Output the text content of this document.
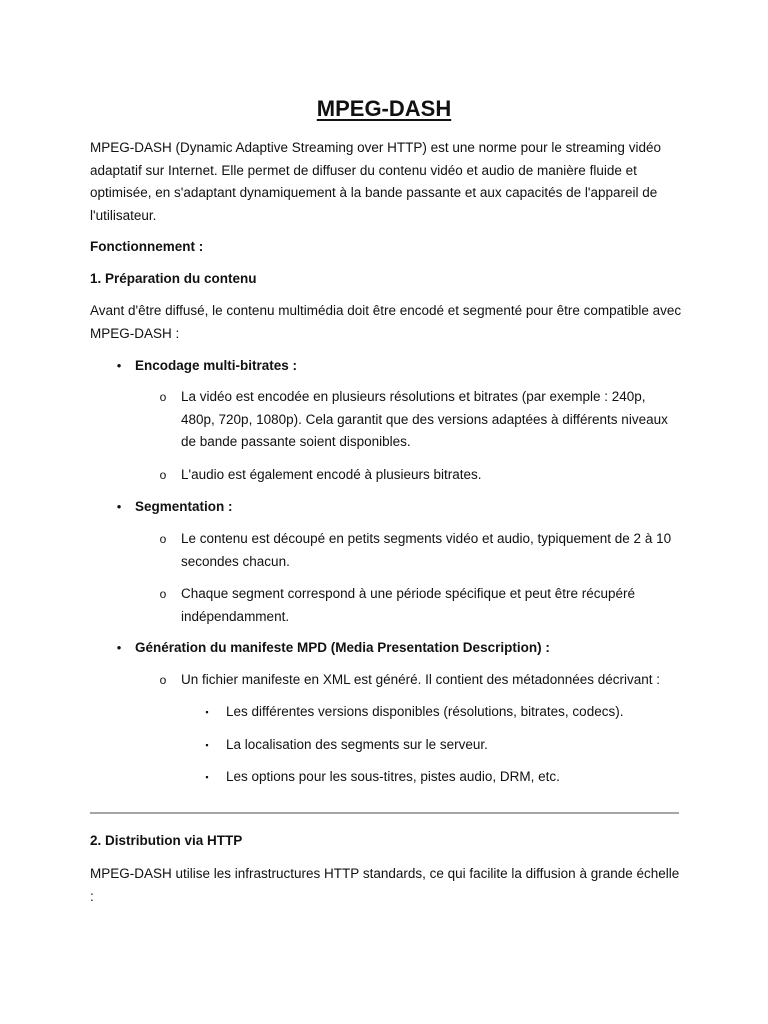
MPEG-DASH

MPEG-DASH (Dynamic Adaptive Streaming over HTTP) est une norme pour le streaming vidéo adaptatif sur Internet. Elle permet de diffuser du contenu vidéo et audio de manière fluide et optimisée, en s'adaptant dynamiquement à la bande passante et aux capacités de l'appareil de l'utilisateur.

Fonctionnement :

1. Préparation du contenu

Avant d'être diffusé, le contenu multimédia doit être encodé et segmenté pour être compatible avec MPEG-DASH :

•	Encodage multi-bitrates :

o La vidéo est encodée en plusieurs résolutions et bitrates (par exemple : 240p, 480p, 720p, 1080p). Cela garantit que des versions adaptées à différents niveaux de bande passante soient disponibles.

o L'audio est également encodé à plusieurs bitrates.

•	Segmentation :

o Le contenu est découpé en petits segments vidéo et audio, typiquement de 2 à 10 secondes chacun.

o Chaque segment correspond à une période spécifique et peut être récupéré indépendamment.

•	Génération du manifeste MPD (Media Presentation Description) :

o Un fichier manifeste en XML est généré. Il contient des métadonnées décrivant :

▪	Les différentes versions disponibles (résolutions, bitrates, codecs).

▪	La localisation des segments sur le serveur.

▪	Les options pour les sous-titres, pistes audio, DRM, etc.

2. Distribution via HTTP

MPEG-DASH utilise les infrastructures HTTP standards, ce qui facilite la diffusion à grande échelle :
